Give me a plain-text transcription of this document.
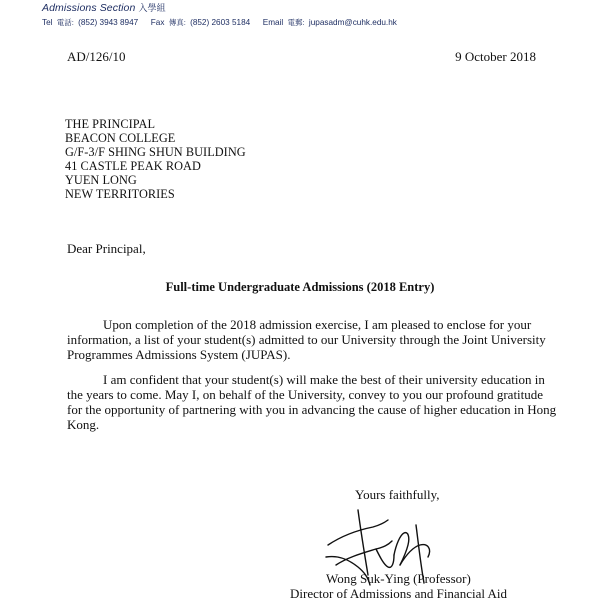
Admissions Section 入學組
Tel 電話: (852) 3943 8947 Fax 傳真: (852) 2603 5184 Email 電郵: jupasadm@cuhk.edu.hk
AD/126/10	9 October 2018
THE PRINCIPAL
BEACON COLLEGE
G/F-3/F SHING SHUN BUILDING
41 CASTLE PEAK ROAD
YUEN LONG
NEW TERRITORIES
Dear Principal,
Full-time Undergraduate Admissions (2018 Entry)
Upon completion of the 2018 admission exercise, I am pleased to enclose for your
information, a list of your student(s) admitted to our University through the Joint University
Programmes Admissions System (JUPAS).
I am confident that your student(s) will make the best of their university education in
the years to come. May I, on behalf of the University, convey to you our profound gratitude
for the opportunity of partnering with you in advancing the cause of higher education in Hong
Kong.
Yours faithfully,
Wong Suk-Ying (Professor)
Director of Admissions and Financial Aid
